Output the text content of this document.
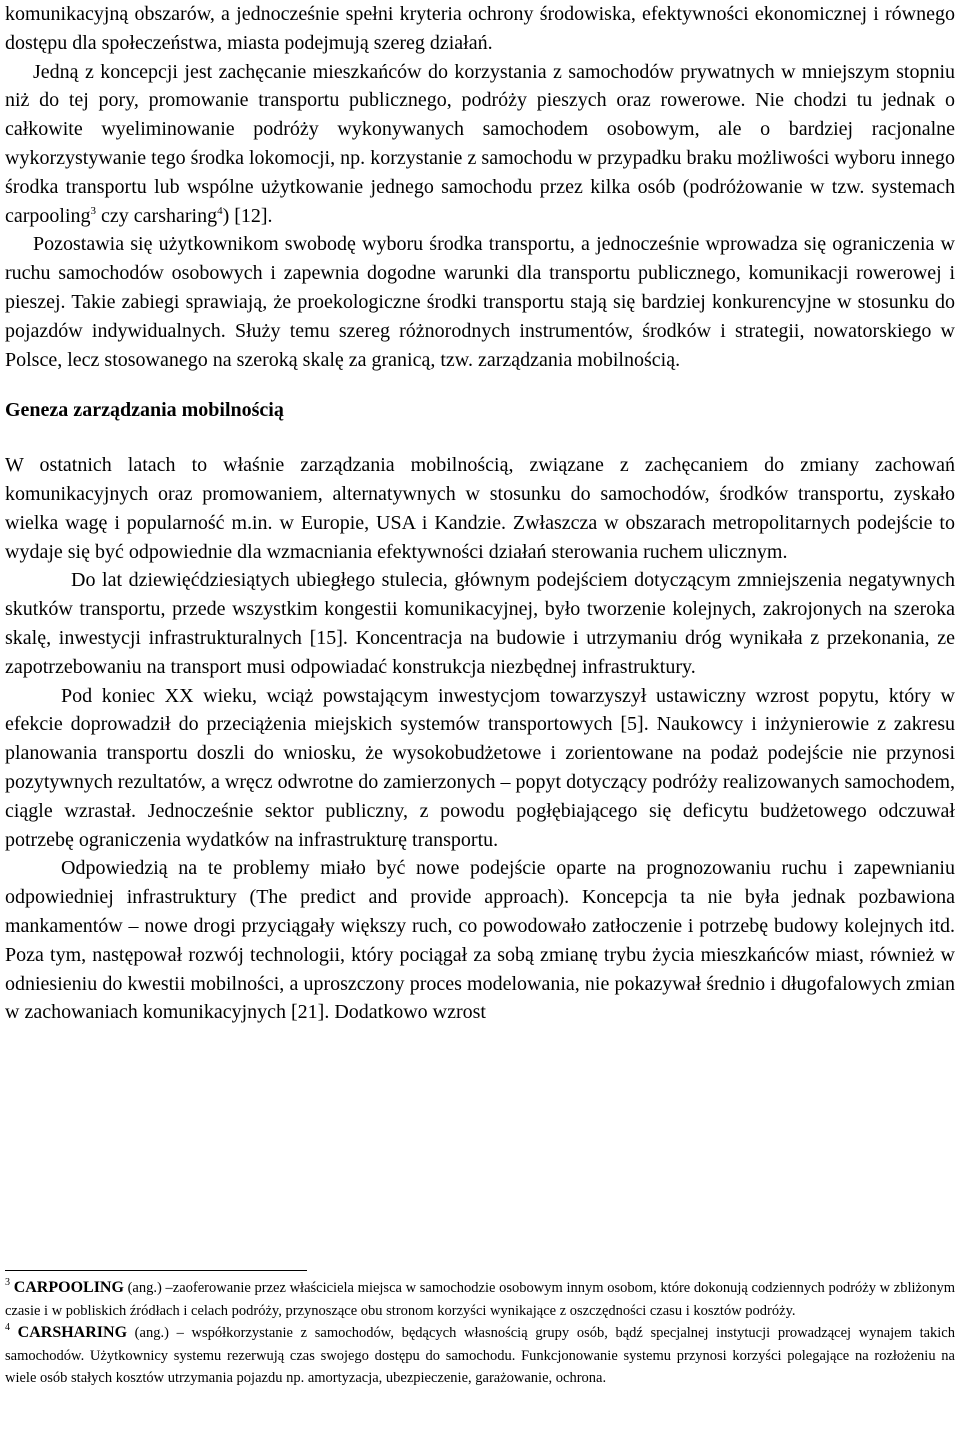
komunikacyjną obszarów, a jednocześnie spełni kryteria ochrony środowiska, efektywności ekonomicznej i równego dostępu dla społeczeństwa, miasta podejmują szereg działań.

Jedną z koncepcji jest zachęcanie mieszkańców do korzystania z samochodów prywatnych w mniejszym stopniu niż do tej pory, promowanie transportu publicznego, podróży pieszych oraz rowerowe. Nie chodzi tu jednak o całkowite wyeliminowanie podróży wykonywanych samochodem osobowym, ale o bardziej racjonalne wykorzystywanie tego środka lokomocji, np. korzystanie z samochodu w przypadku braku możliwości wyboru innego środka transportu lub wspólne użytkowanie jednego samochodu przez kilka osób (podróżowanie w tzw. systemach carpooling$^3$ czy carsharing$^4$) [12].

Pozostawia się użytkownikom swobodę wyboru środka transportu, a jednocześnie wprowadza się ograniczenia w ruchu samochodów osobowych i zapewnia dogodne warunki dla transportu publicznego, komunikacji rowerowej i pieszej. Takie zabiegi sprawiają, że proekologiczne środki transportu stają się bardziej konkurencyjne w stosunku do pojazdów indywidualnych. Służy temu szereg różnorodnych instrumentów, środków i strategii, nowatorskiego w Polsce, lecz stosowanego na szeroką skalę za granicą, tzw. zarządzania mobilnością.

Geneza zarządzania mobilnością

W ostatnich latach to właśnie zarządzania mobilnością, związane z zachęcaniem do zmiany zachowań komunikacyjnych oraz promowaniem, alternatywnych w stosunku do samochodów, środków transportu, zyskało wielka wagę i popularność m.in. w Europie, USA i Kandzie. Zwłaszcza w obszarach metropolitarnych podejście to wydaje się być odpowiednie dla wzmacniania efektywności działań sterowania ruchem ulicznym.

Do lat dziewięćdziesiątych ubiegłego stulecia, głównym podejściem dotyczącym zmniejszenia negatywnych skutków transportu, przede wszystkim kongestii komunikacyjnej, było tworzenie kolejnych, zakrojonych na szeroka skalę, inwestycji infrastrukturalnych [15]. Koncentracja na budowie i utrzymaniu dróg wynikała z przekonania, ze zapotrzebowaniu na transport musi odpowiadać konstrukcja niezbędnej infrastruktury.

Pod koniec XX wieku, wciąż powstającym inwestycjom towarzyszył ustawiczny wzrost popytu, który w efekcie doprowadził do przeciążenia miejskich systemów transportowych [5]. Naukowcy i inżynierowie z zakresu planowania transportu doszli do wniosku, że wysokobudżetowe i zorientowane na podaż podejście nie przynosi pozytywnych rezultatów, a wręcz odwrotne do zamierzonych – popyt dotyczący podróży realizowanych samochodem, ciągle wzrastał. Jednocześnie sektor publiczny, z powodu pogłębiającego się deficytu budżetowego odczuwał potrzebę ograniczenia wydatków na infrastrukturę transportu.

Odpowiedzią na te problemy miało być nowe podejście oparte na prognozowaniu ruchu i zapewnianiu odpowiedniej infrastruktury (The predict and provide approach). Koncepcja ta nie była jednak pozbawiona mankamentów – nowe drogi przyciągały większy ruch, co powodowało zatłoczenie i potrzebę budowy kolejnych itd. Poza tym, następował rozwój technologii, który pociągał za sobą zmianę trybu życia mieszkańców miast, również w odniesieniu do kwestii mobilności, a uproszczony proces modelowania, nie pokazywał średnio i długofalowych zmian w zachowaniach komunikacyjnych [21]. Dodatkowo wzrost

$^3$ CARPOOLING (ang.) –zaoferowanie przez właściciela miejsca w samochodzie osobowym innym osobom, które dokonują codziennych podróży w zbliżonym czasie i w pobliskich źródłach i celach podróży, przynoszące obu stronom korzyści wynikające z oszczędności czasu i kosztów podróży.

$^4$ CARSHARING (ang.) – współkorzystanie z samochodów, będących własnością grupy osób, bądź specjalnej instytucji prowadzącej wynajem takich samochodów. Użytkownicy systemu rezerwują czas swojego dostępu do samochodu. Funkcjonowanie systemu przynosi korzyści polegające na rozłożeniu na wiele osób stałych kosztów utrzymania pojazdu np. amortyzacja, ubezpieczenie, garażowanie, ochrona.
